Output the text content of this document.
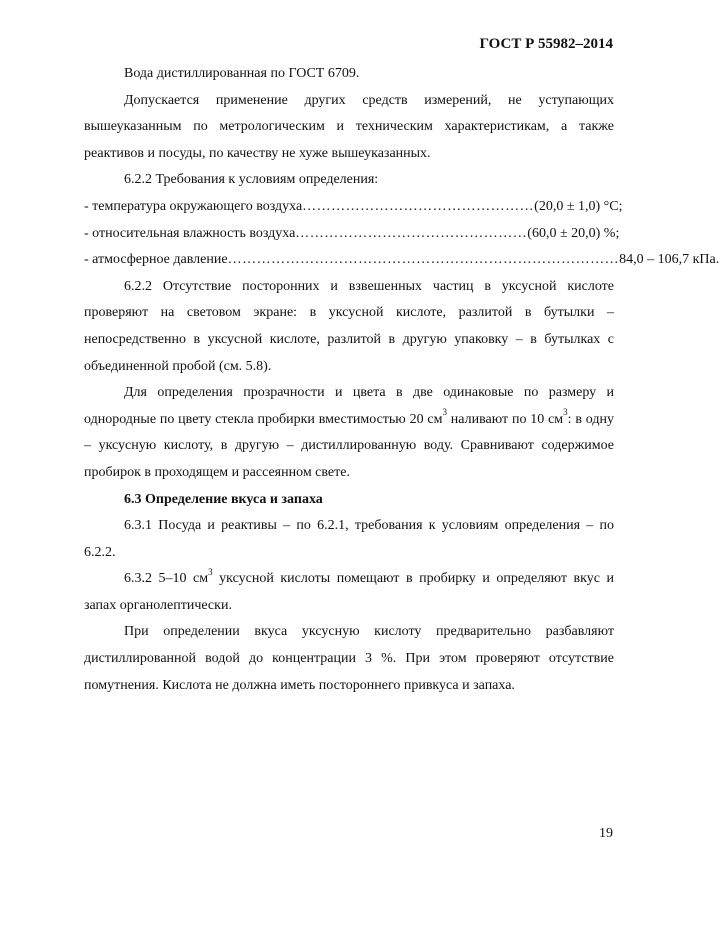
ГОСТ Р 55982–2014

Вода дистиллированная по ГОСТ 6709.

Допускается применение других средств измерений, не уступающих вышеуказанным по метрологическим и техническим характеристикам, а также реактивов и посуды, по качеству не хуже вышеуказанных.

6.2.2 Требования к условиям определения:

- температура окружающего воздуха ………………………………………… (20,0 ± 1,0) °С;
- относительная влажность воздуха ………………………………………… (60,0 ± 20,0) %;
- атмосферное давление ……………………………………………………………………… 84,0 – 106,7 кПа.

6.2.2 Отсутствие посторонних и взвешенных частиц в уксусной кислоте проверяют на световом экране: в уксусной кислоте, разлитой в бутылки – непосредственно в уксусной кислоте, разлитой в другую упаковку – в бутылках с объединенной пробой (см. 5.8).

Для определения прозрачности и цвета в две одинаковые по размеру и однородные по цвету стекла пробирки вместимостью 20 $см^3$ наливают по 10 $см^3$: в одну – уксусную кислоту, в другую – дистиллированную воду. Сравнивают содержимое пробирок в проходящем и рассеянном свете.

6.3 Определение вкуса и запаха

6.3.1 Посуда и реактивы – по 6.2.1, требования к условиям определения – по 6.2.2.

6.3.2 5–10 $см^3$ уксусной кислоты помещают в пробирку и определяют вкус и запах органолептически.

При определении вкуса уксусную кислоту предварительно разбавляют дистиллированной водой до концентрации 3 %. При этом проверяют отсутствие помутнения. Кислота не должна иметь постороннего привкуса и запаха.

19
